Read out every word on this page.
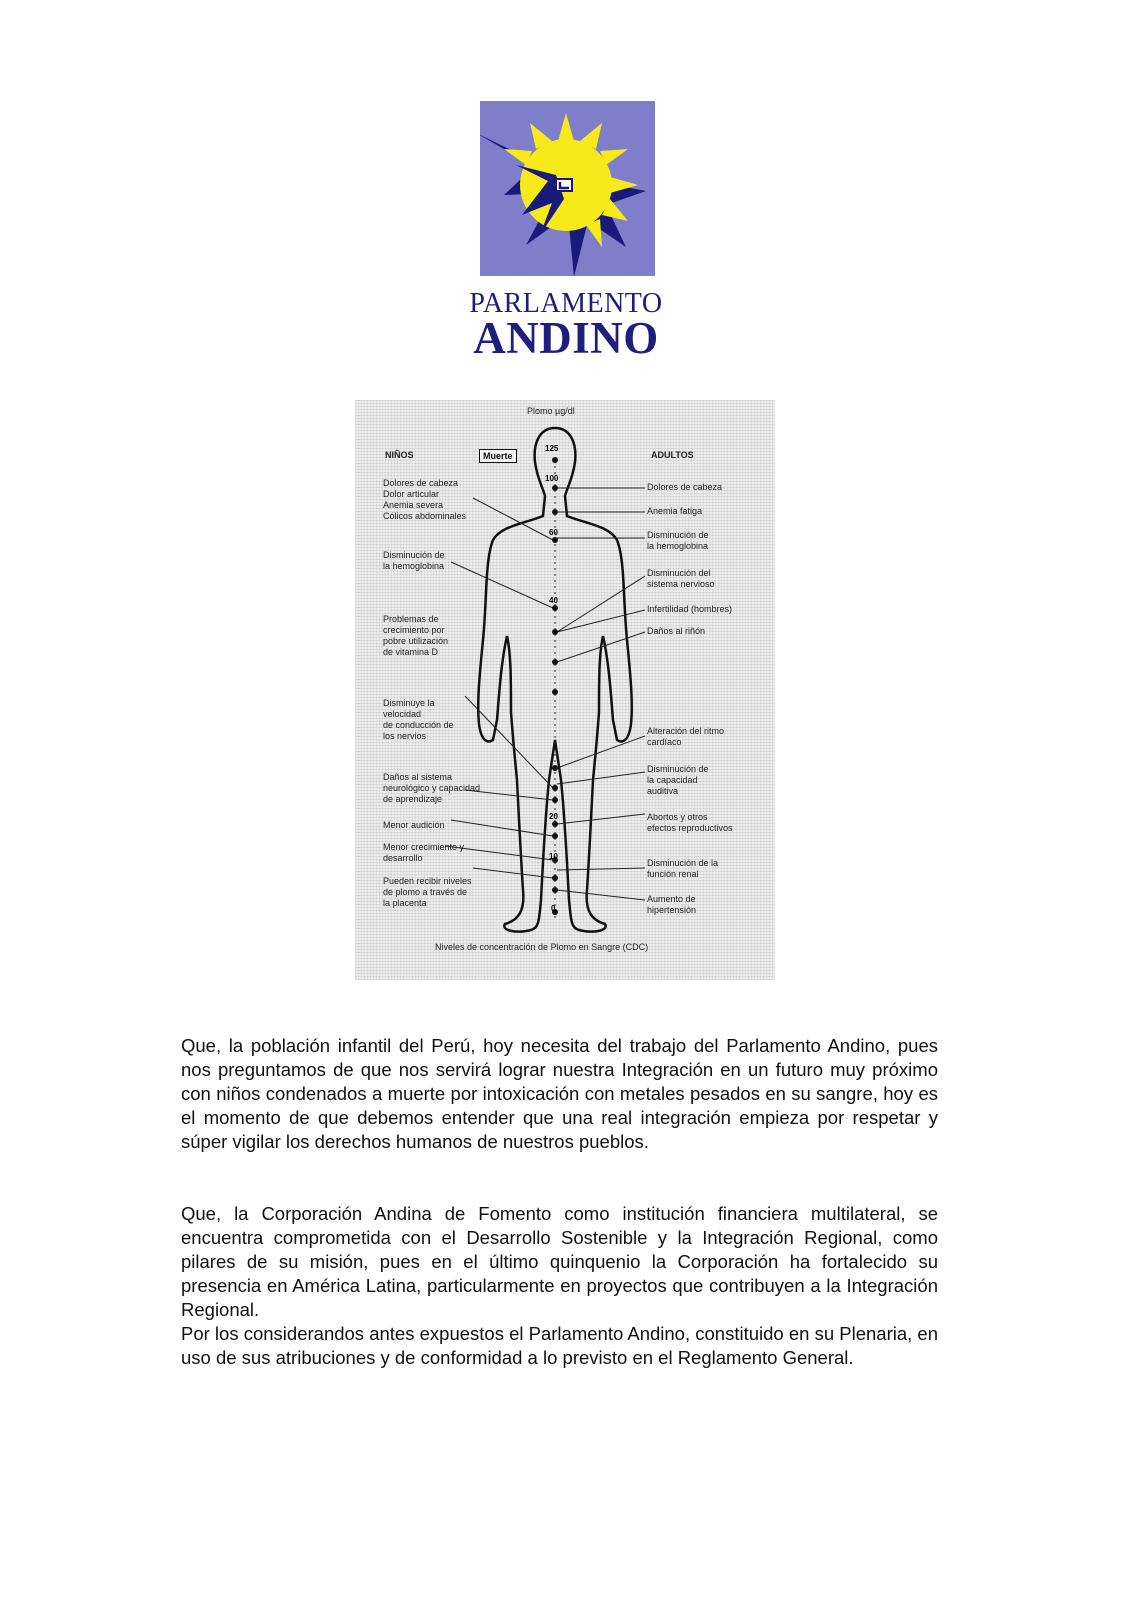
PARLAMENTO
ANDINO
Plomo µg/dl
NIÑOS	ADULTOS
Muerte
125
100
60
40
20
10
0
Dolores de cabeza
Dolor articular
Anemia severa
Cólicos abdominales
Disminución de
la hemoglobina
Problemas de
crecimiento por
pobre utilización
de vitamina D
Disminuye la
velocidad
de conducción de
los nervios
Daños al sistema
neurológico y capacidad
de aprendizaje
Menor audición
Menor crecimiento y
desarrollo
Pueden recibir niveles
de plomo a través de
la placenta
Dolores de cabeza
Anemia fatiga
Disminución de
la hemoglobina
Disminución del
sistema nervioso
Infertilidad (hombres)
Daños al riñón
Alteración del ritmo
cardíaco
Disminución de
la capacidad
auditiva
Abortos y otros
efectos reproductivos
Disminución de la
función renal
Aumento de
hipertensión
Niveles de concentración de Plomo en Sangre (CDC)
Que, la población infantil del Perú, hoy necesita del trabajo del Parlamento Andino, pues nos preguntamos de que nos servirá lograr nuestra Integración en un futuro muy próximo con niños condenados a muerte por intoxicación con metales pesados en su sangre, hoy es el momento de que debemos entender que una real integración empieza por respetar y súper vigilar los derechos humanos de nuestros pueblos.
Que, la Corporación Andina de Fomento como institución financiera multilateral, se encuentra comprometida con el Desarrollo Sostenible y la Integración Regional, como pilares de su misión, pues en el último quinquenio la Corporación ha fortalecido su presencia en América Latina, particularmente en proyectos que contribuyen a la Integración Regional.
Por los considerandos antes expuestos el Parlamento Andino, constituido en su Plenaria, en uso de sus atribuciones y de conformidad a lo previsto en el Reglamento General.
